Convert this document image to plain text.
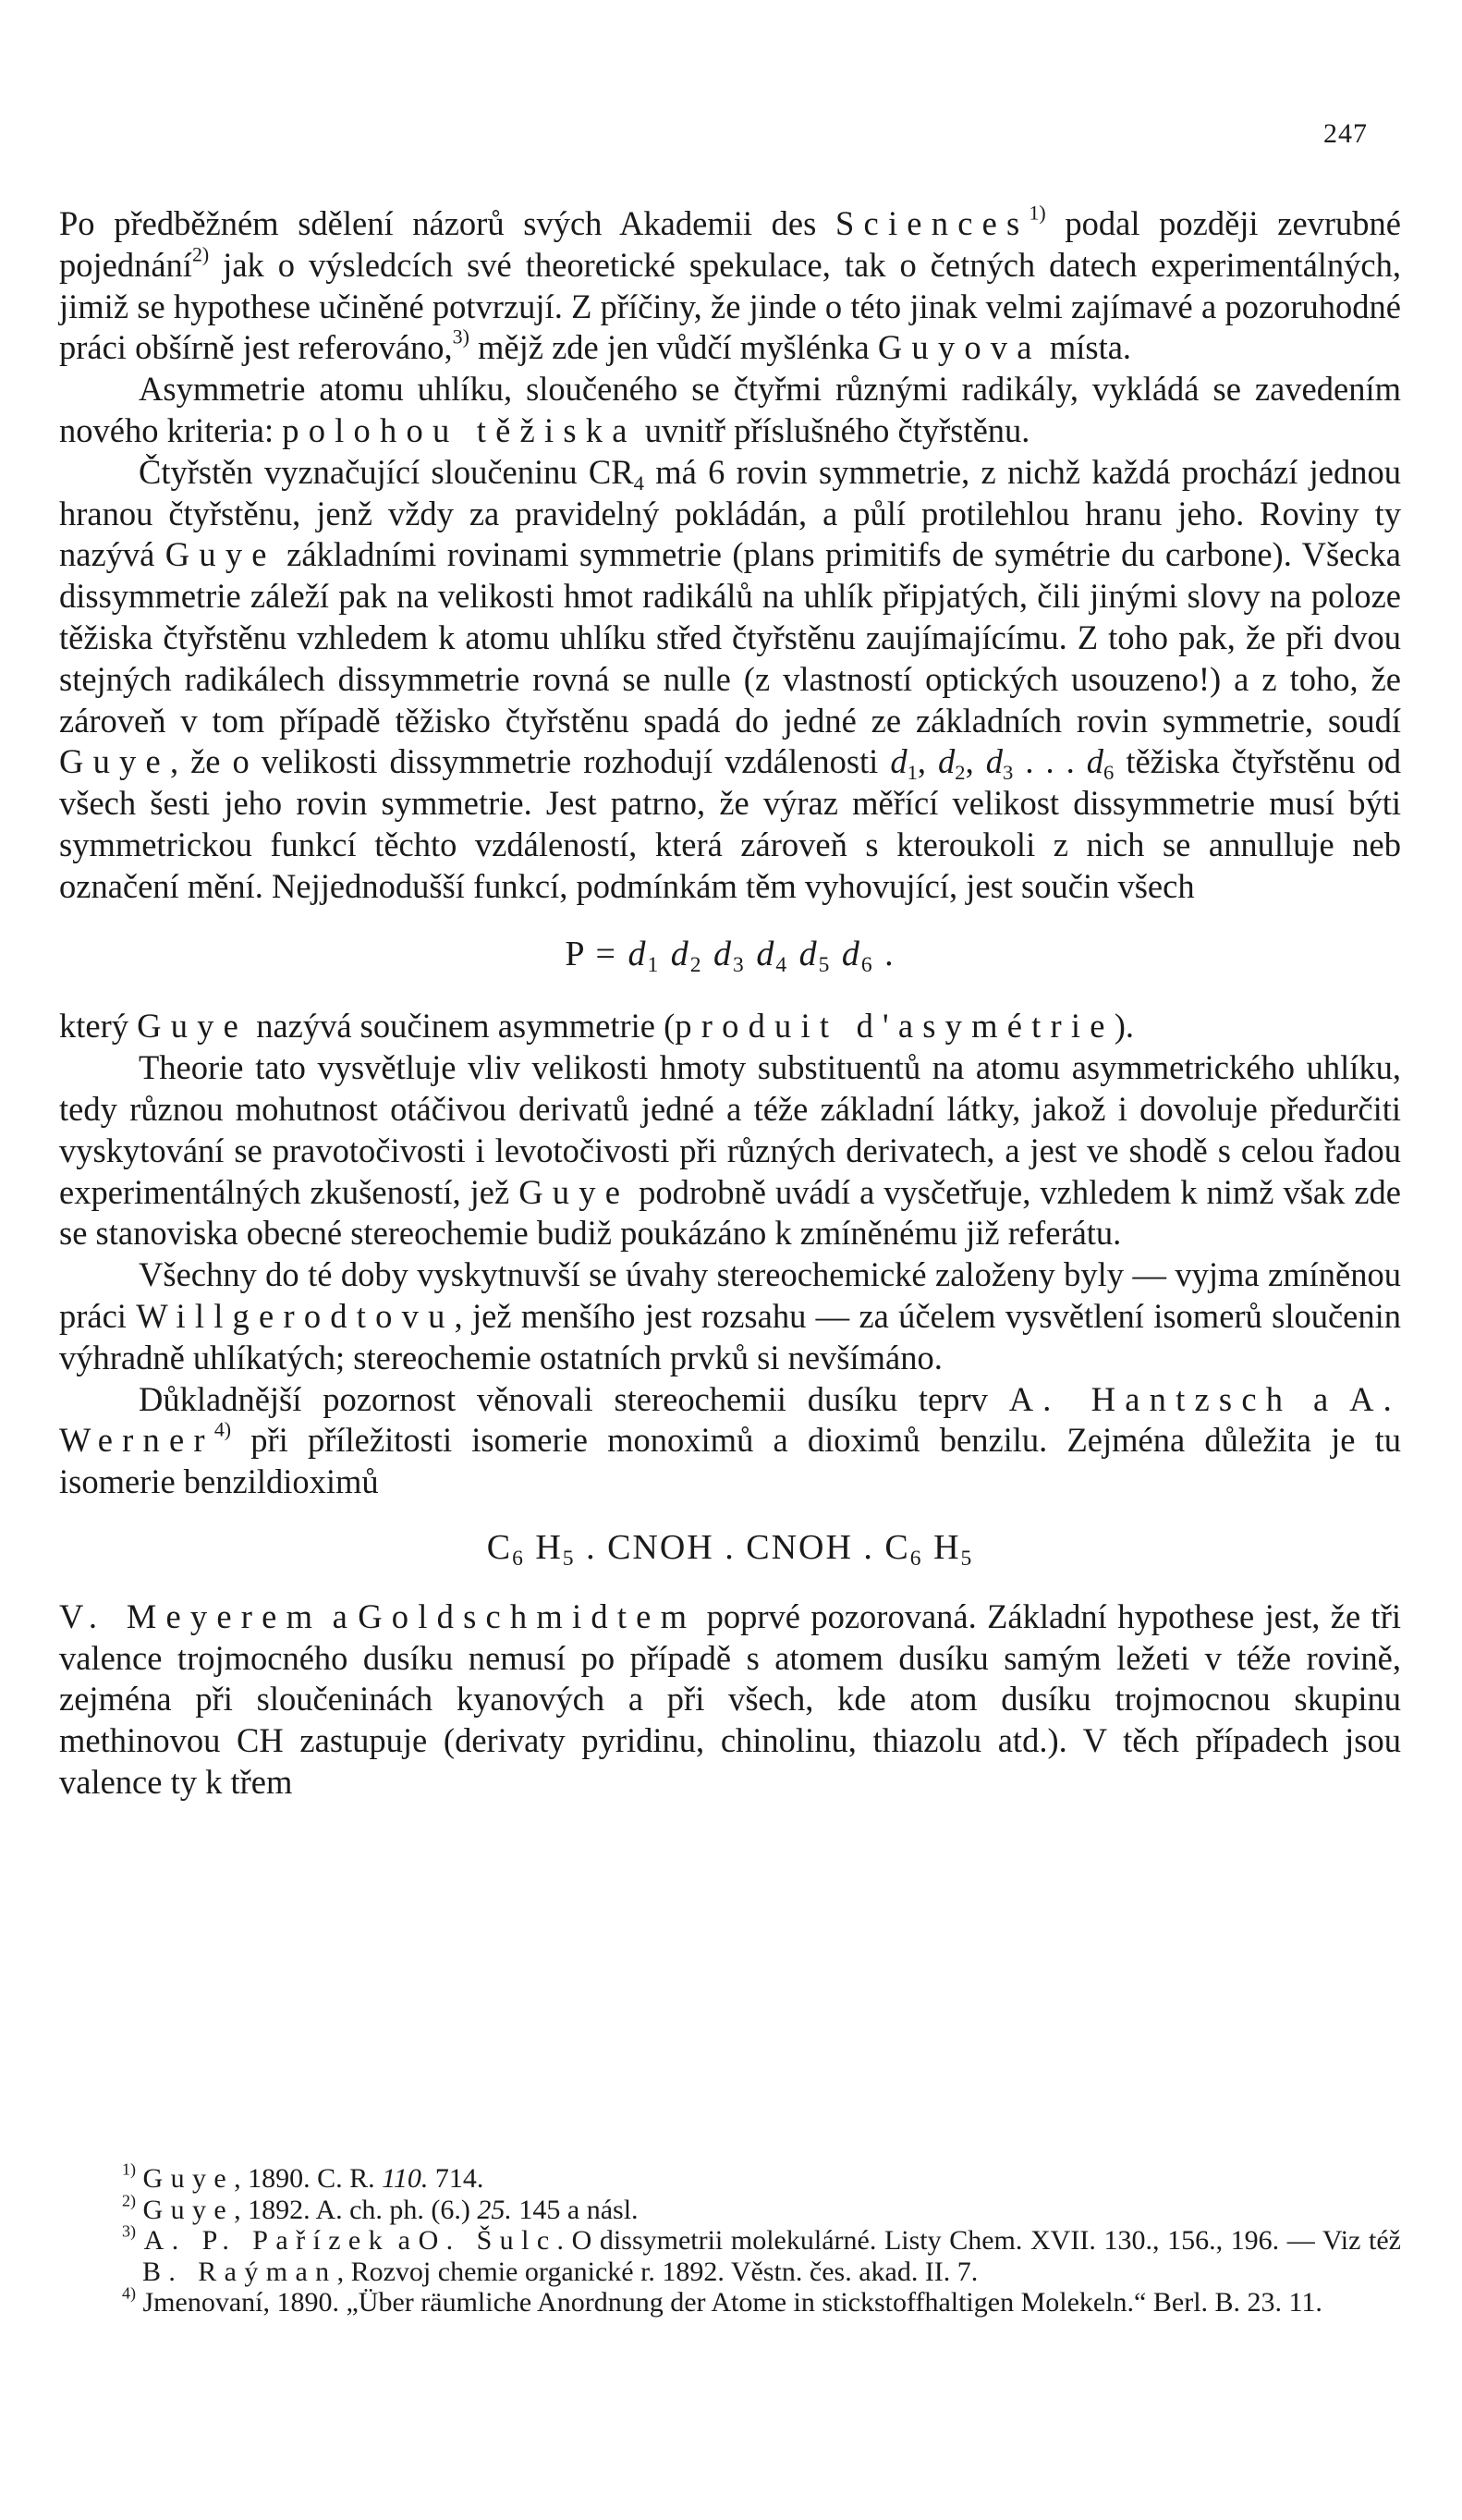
247

Po předběžném sdělení názorů svých Akademii des Sciences$^{1)}$ podal později zevrubné pojednání$^{2)}$ jak o výsledcích své theoretické spekulace, tak o četných datech experimentálných, jimiž se hypothese učiněné potvrzují. Z příčiny, že jinde o této jinak velmi zajímavé a pozoruhodné práci obšírně jest referováno,$^{3)}$ mějž zde jen vůdčí myšlénka Guyova místa.

Asymmetrie atomu uhlíku, sloučeného se čtyřmi různými radikály, vykládá se zavedením nového kriteria: polohou těžiska uvnitř příslušného čtyřstěnu.

Čtyřstěn vyznačující sloučeninu $CR_4$ má 6 rovin symmetrie, z nichž každá prochází jednou hranou čtyřstěnu, jenž vždy za pravidelný pokládán, a půlí protilehlou hranu jeho. Roviny ty nazývá Guye základními rovinami symmetrie (plans primitifs de symétrie du carbone). Všecka dissymmetrie záleží pak na velikosti hmot radikálů na uhlík připjatých, čili jinými slovy na poloze těžiska čtyřstěnu vzhledem k atomu uhlíku střed čtyřstěnu zaujímajícímu. Z toho pak, že při dvou stejných radikálech dissymmetrie rovná se nulle (z vlastností optických usouzeno!) a z toho, že zároveň v tom případě těžisko čtyřstěnu spadá do jedné ze základních rovin symmetrie, soudí Guye, že o velikosti dissymmetrie rozhodují vzdálenosti $d_1$, $d_2$, $d_3$ . . . $d_6$ těžiska čtyřstěnu od všech šesti jeho rovin symmetrie. Jest patrno, že výraz měřící velikost dissymmetrie musí býti symmetrickou funkcí těchto vzdáleností, která zároveň s kteroukoli z nich se annulluje neb označení mění. Nejjednodušší funkcí, podmínkám těm vyhovující, jest součin všech

$P = d_1$ $d_2$ $d_3$ $d_4$ $d_5$ $d_6$ .

který Guye nazývá součinem asymmetrie (produit d'asymétrie).

Theorie tato vysvětluje vliv velikosti hmoty substituentů na atomu asymmetrického uhlíku, tedy různou mohutnost otáčivou derivatů jedné a téže základní látky, jakož i dovoluje předurčiti vyskytování se pravotočivosti i levotočivosti při různých derivatech, a jest ve shodě s celou řadou experimentálných zkušeností, jež Guye podrobně uvádí a vysčetřuje, vzhledem k nimž však zde se stanoviska obecné stereochemie budiž poukázáno k zmíněnému již referátu.

Všechny do té doby vyskytnuvší se úvahy stereochemické založeny byly — vyjma zmíněnou práci Willgerodtovu, jež menšího jest rozsahu — za účelem vysvětlení isomerů sloučenin výhradně uhlíkatých; stereochemie ostatních prvků si nevšímáno.

Důkladnější pozornost věnovali stereochemii dusíku teprv A. Hantzsch a A. Werner$^{4)}$ při příležitosti isomerie monoximů a dioximů benzilu. Zejména důležita je tu isomerie benzildioximů

$C_6$ $H_5$ . CNOH . CNOH . $C_6$ $H_5$

V. Meyerem a Goldschmidtem poprvé pozorovaná. Základní hypothese jest, že tři valence trojmocného dusíku nemusí po případě s atomem dusíku samým ležeti v téže rovině, zejména při sloučeninách kyanových a při všech, kde atom dusíku trojmocnou skupinu methinovou CH zastupuje (derivaty pyridinu, chinolinu, thiazolu atd.). V těch případech jsou valence ty k třem

$^{1)}$ Guye, 1890. C. R. 110. 714.

$^{2)}$ Guye, 1892. A. ch. ph. (6.) 25. 145 a násl.

$^{3)}$ A. P. Pařízek a O. Šulc. O dissymetrii molekulárné. Listy Chem. XVII. 130., 156., 196. — Viz též B. Raýman, Rozvoj chemie organické r. 1892. Věstn. čes. akad. II. 7.

$^{4)}$ Jmenovaní, 1890. „Über räumliche Anordnung der Atome in stickstoffhaltigen Molekeln.“ Berl. B. 23. 11.
